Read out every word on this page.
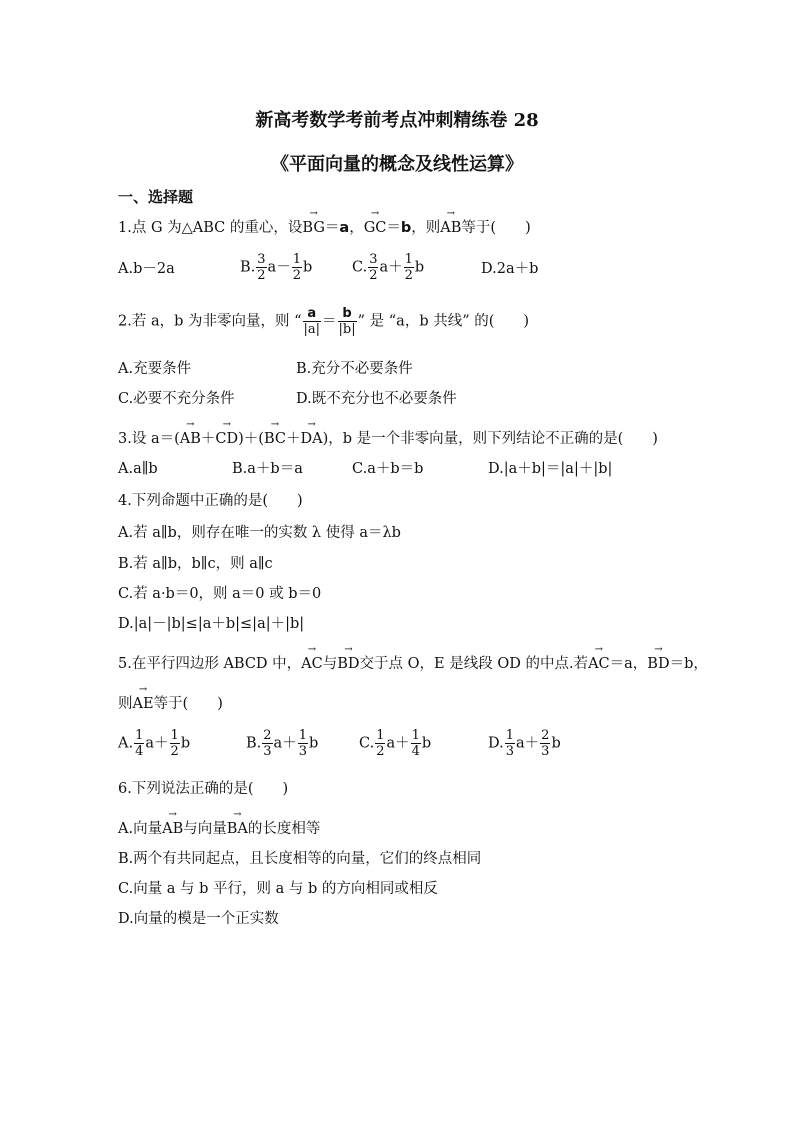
新高考数学考前考点冲刺精练卷 28
《平面向量的概念及线性运算》
一、选择题
1.点 G 为△ABC 的重心，设→ BG＝a，→ GC＝b，则→ AB等于(　　)
A.b－2a	B. $\frac{3}{2} a- \frac{1}{2}$ b	C. $\frac{3}{2} a+ \frac{1}{2}$ b	D.2a＋b
2.若 a，b 为非零向量，则 “ $\frac{a}{|a|} = \frac{b}{|b|}$ ” 是 “a，b 共线” 的(　　)
A.充要条件	B.充分不必要条件
C.必要不充分条件	D.既不充分也不必要条件
3.设 a＝(→ AB＋→ CD)＋(→ BC＋→ DA)，b 是一个非零向量，则下列结论不正确的是(　　)
A.a∥b	B.a＋b＝a	C.a＋b＝b	D.|a＋b|＝|a|＋|b|
4.下列命题中正确的是(　　)
A.若 a∥b，则存在唯一的实数 λ 使得 a＝λb
B.若 a∥b，b∥c，则 a∥c
C.若 a·b＝0，则 a＝0 或 b＝0
D.|a|－|b|≤|a＋b|≤|a|＋|b|
5.在平行四边形 ABCD 中，→ AC与→ BD交于点 O，E 是线段 OD 的中点.若→ AC＝a，→ BD＝b，
则→ AE等于(　　)
A. $\frac{1}{4} a+ \frac{1}{2}$ b	B. $\frac{2}{3} a+ \frac{1}{3}$ b	C. $\frac{1}{2} a+ \frac{1}{4}$ b	D. $\frac{1}{3} a+ \frac{2}{3}$ b
6.下列说法正确的是(　　)
A.向量→ AB与向量→ BA的长度相等
B.两个有共同起点，且长度相等的向量，它们的终点相同
C.向量 a 与 b 平行，则 a 与 b 的方向相同或相反
D.向量的模是一个正实数
